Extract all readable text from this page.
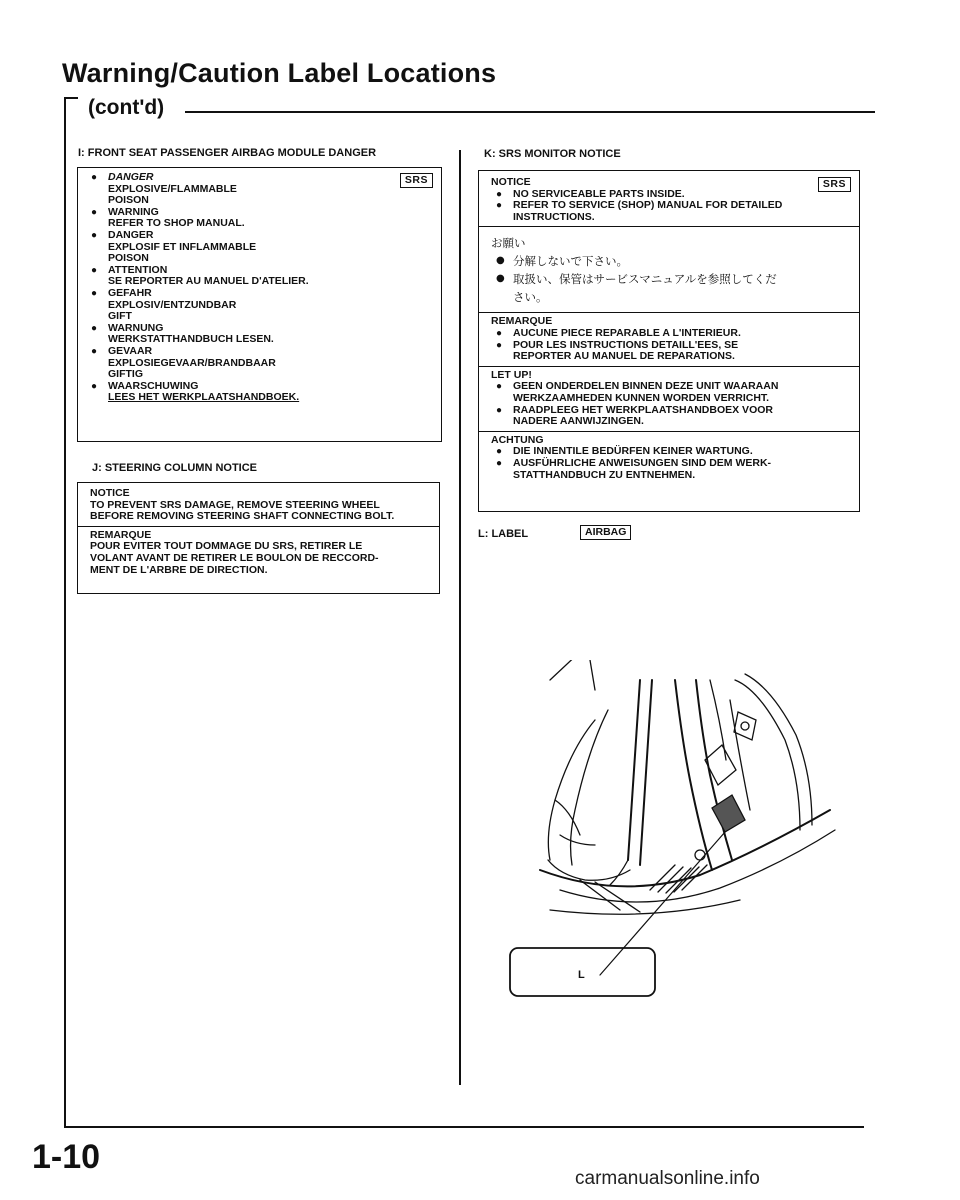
Warning/Caution Label Locations
(cont'd)
I: FRONT SEAT PASSENGER AIRBAG MODULE DANGER
SRS
● DANGER
EXPLOSIVE/FLAMMABLE
POISON
● WARNING
REFER TO SHOP MANUAL.
● DANGER
EXPLOSIF ET INFLAMMABLE
POISON
● ATTENTION
SE REPORTER AU MANUEL D'ATELIER.
● GEFAHR
EXPLOSIV/ENTZUNDBAR
GIFT
● WARNUNG
WERKSTATTHANDBUCH LESEN.
● GEVAAR
EXPLOSIEGEVAAR/BRANDBAAR
GIFTIG
● WAARSCHUWING
LEES HET WERKPLAATSHANDBOEK.
J: STEERING COLUMN NOTICE
NOTICE
TO PREVENT SRS DAMAGE, REMOVE STEERING WHEEL
BEFORE REMOVING STEERING SHAFT CONNECTING BOLT.
REMARQUE
POUR EVITER TOUT DOMMAGE DU SRS, RETIRER LE
VOLANT AVANT DE RETIRER LE BOULON DE RECCORD-
MENT DE L'ARBRE DE DIRECTION.
K: SRS MONITOR NOTICE
SRS
NOTICE
● NO SERVICEABLE PARTS INSIDE.
● REFER TO SERVICE (SHOP) MANUAL FOR DETAILED
INSTRUCTIONS.
お願い
● 分解しないで下さい。
● 取扱い、保管はサービスマニュアルを参照してくだ
さい。
REMARQUE
● AUCUNE PIECE REPARABLE A L'INTERIEUR.
● POUR LES INSTRUCTIONS DETAILL'EES, SE
REPORTER AU MANUEL DE REPARATIONS.
LET UP!
● GEEN ONDERDELEN BINNEN DEZE UNIT WAARAAN
WERKZAAMHEDEN KUNNEN WORDEN VERRICHT.
● RAADPLEEG HET WERKPLAATSHANDBOEX VOOR
NADERE AANWIJZINGEN.
ACHTUNG
● DIE INNENTILE BEDÜRFEN KEINER WARTUNG.
● AUSFÜHRLICHE ANWEISUNGEN SIND DEM WERK-
STATTHANDBUCH ZU ENTNEHMEN.
L: LABEL	AIRBAG
L
1-10
carmanualsonline.info
